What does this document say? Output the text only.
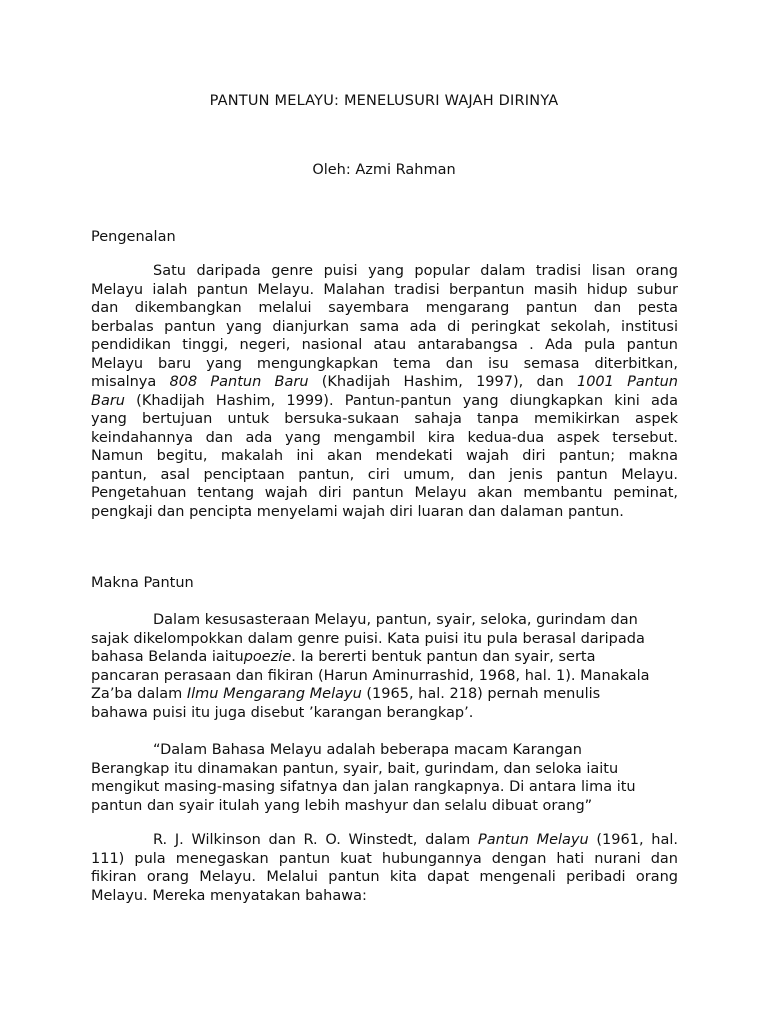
PANTUN MELAYU: MENELUSURI WAJAH DIRINYA
Oleh: Azmi Rahman
Pengenalan
Satu daripada genre puisi yang popular dalam tradisi lisan orang
Melayu ialah pantun Melayu. Malahan tradisi berpantun masih hidup subur
dan dikembangkan melalui sayembara mengarang pantun dan pesta
berbalas pantun yang dianjurkan sama ada di peringkat sekolah, institusi
pendidikan tinggi, negeri, nasional atau antarabangsa . Ada pula pantun
Melayu baru yang mengungkapkan tema dan isu semasa diterbitkan,
misalnya 808 Pantun Baru (Khadijah Hashim, 1997), dan 1001 Pantun
Baru (Khadijah Hashim, 1999). Pantun-pantun yang diungkapkan kini ada
yang bertujuan untuk bersuka-sukaan sahaja tanpa memikirkan aspek
keindahannya dan ada yang mengambil kira kedua-dua aspek tersebut.
Namun begitu, makalah ini akan mendekati wajah diri pantun; makna
pantun, asal penciptaan pantun, ciri umum, dan jenis pantun Melayu.
Pengetahuan tentang wajah diri pantun Melayu akan membantu peminat,
pengkaji dan pencipta menyelami wajah diri luaran dan dalaman pantun.
Makna Pantun
Dalam kesusasteraan Melayu, pantun, syair, seloka, gurindam dan
sajak dikelompokkan dalam genre puisi. Kata puisi itu pula berasal daripada
bahasa Belanda iaitupoezie. Ia bererti bentuk pantun dan syair, serta
pancaran perasaan dan fikiran (Harun Aminurrashid, 1968, hal. 1). Manakala
Za’ba dalam Ilmu Mengarang Melayu (1965, hal. 218) pernah menulis
bahawa puisi itu juga disebut ’karangan berangkap’.
“Dalam Bahasa Melayu adalah beberapa macam Karangan
Berangkap itu dinamakan pantun, syair, bait, gurindam, dan seloka iaitu
mengikut masing-masing sifatnya dan jalan rangkapnya. Di antara lima itu
pantun dan syair itulah yang lebih mashyur dan selalu dibuat orang”
R. J. Wilkinson dan R. O. Winstedt, dalam Pantun Melayu (1961, hal.
111) pula menegaskan pantun kuat hubungannya dengan hati nurani dan
fikiran orang Melayu. Melalui pantun kita dapat mengenali peribadi orang
Melayu. Mereka menyatakan bahawa:
